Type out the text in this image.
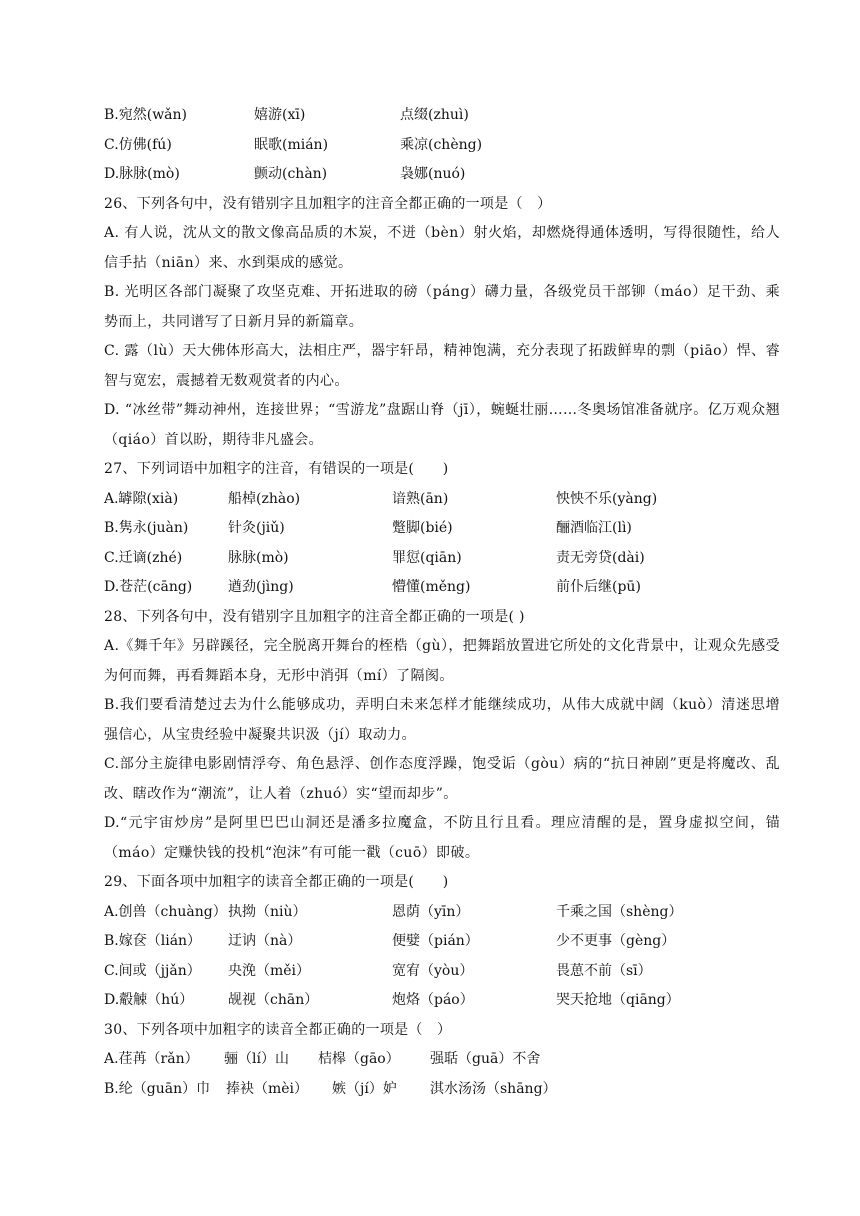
B.宛然(wǎn)	嬉游(xī)	点缀(zhuì)
C.仿佛(fú)	眠歌(mián)	乘凉(chèng)
D.脉脉(mò)	颤动(chàn)	袅娜(nuó)
26、下列各句中，没有错别字且加粗字的注音全都正确的一项是（　）
A. 有人说，沈从文的散文像高品质的木炭，不迸（bèn）射火焰，却燃烧得通体透明，写得很随性，给人信手拈（niān）来、水到渠成的感觉。
B. 光明区各部门凝聚了攻坚克难、开拓进取的磅（páng）礴力量，各级党员干部铆（máo）足干劲、乘势而上，共同谱写了日新月异的新篇章。
C. 露（lù）天大佛体形高大，法相庄严，器宇轩昂，精神饱满，充分表现了拓跋鲜卑的剽（piāo）悍、睿智与宽宏，震撼着无数观赏者的内心。
D. “冰丝带”舞动神州，连接世界；“雪游龙”盘踞山脊（jī），蜿蜒壮丽……冬奥场馆准备就序。亿万观众翘（qiáo）首以盼，期待非凡盛会。
27、下列词语中加粗字的注音，有错误的一项是(　　)
A.罅隙(xià)	船棹(zhào)	谙熟(ān)	怏怏不乐(yàng)
B.隽永(juàn)	针灸(jiǔ)	蹩脚(bié)	酾酒临江(lì)
C.迁谪(zhé)	脉脉(mò)	罪愆(qiān)	责无旁贷(dài)
D.苍茫(cāng)	遒劲(jìng)	懵懂(měng)	前仆后继(pū)
28、下列各句中，没有错别字且加粗字的注音全都正确的一项是( )
A.《舞千年》另辟蹊径，完全脱离开舞台的桎梏（gù），把舞蹈放置进它所处的文化背景中，让观众先感受为何而舞，再看舞蹈本身，无形中消弭（mí）了隔阂。
B.我们要看清楚过去为什么能够成功，弄明白未来怎样才能继续成功，从伟大成就中阔（kuò）清迷思增强信心，从宝贵经验中凝聚共识汲（jí）取动力。
C.部分主旋律电影剧情浮夸、角色悬浮、创作态度浮躁，饱受诟（gòu）病的“抗日神剧”更是将魔改、乱改、瞎改作为“潮流”，让人着（zhuó）实“望而却步”。
D.“元宇宙炒房”是阿里巴巴山洞还是潘多拉魔盒，不防且行且看。理应清醒的是，置身虚拟空间，锚（máo）定赚快钱的投机“泡沫”有可能一戳（cuō）即破。
29、下面各项中加粗字的读音全都正确的一项是(　　)
A.创兽（chuàng） 执拗（niù）	恩荫（yīn）	千乘之国（shèng）
B.嫁奁（lián）	迂讷（nà）	便嬖（pián）	少不更事（gèng）
C.间或（jjǎn）	央浼（měi）	宽宥（yòu）	畏葸不前（sī）
D.觳觫（hú）	觇视（chān）	炮烙（páo）	哭天抢地（qiāng）
30、下列各项中加粗字的读音全都正确的一项是（　）
A.荏苒（rǎn）	骊（lí）山	桔槔（gāo）	强聒（guā）不舍
B.纶（guān）巾	捧袂（mèi）	嫉（jí）妒	淇水汤汤（shāng）
